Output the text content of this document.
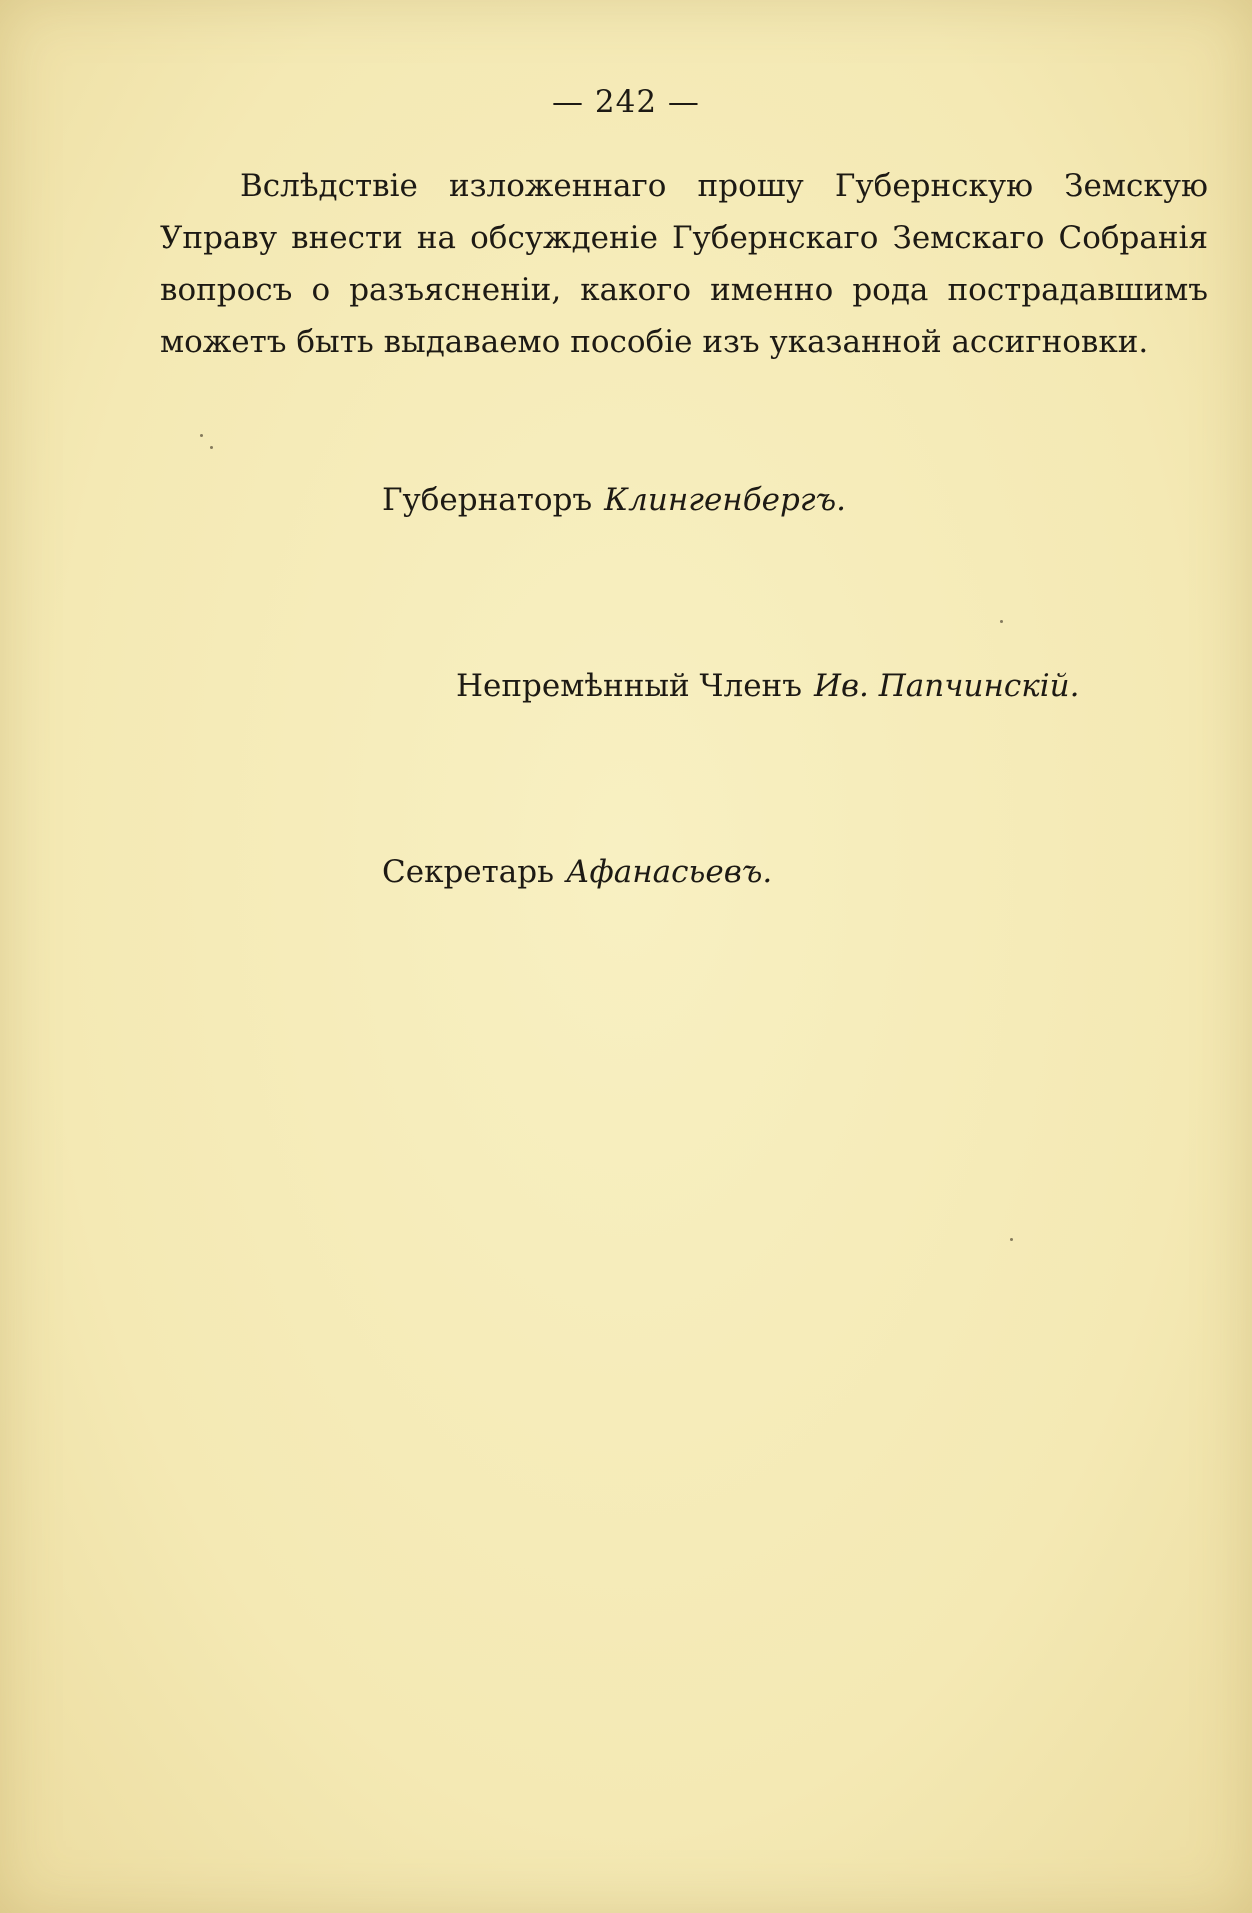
— 242 —

Вслѣдствіе изложеннаго прошу Губернскую Земскую Управу внести на обсужденіе Губернскаго Земскаго Собранія вопросъ о разъясненіи, какого именно рода пострадавшимъ можетъ быть выдаваемо пособіе изъ указанной ассигновки.

Губернаторъ Клингенбергъ.
Непремѣнный Членъ Ив. Папчинскій.
Секретарь Афанасьевъ.
